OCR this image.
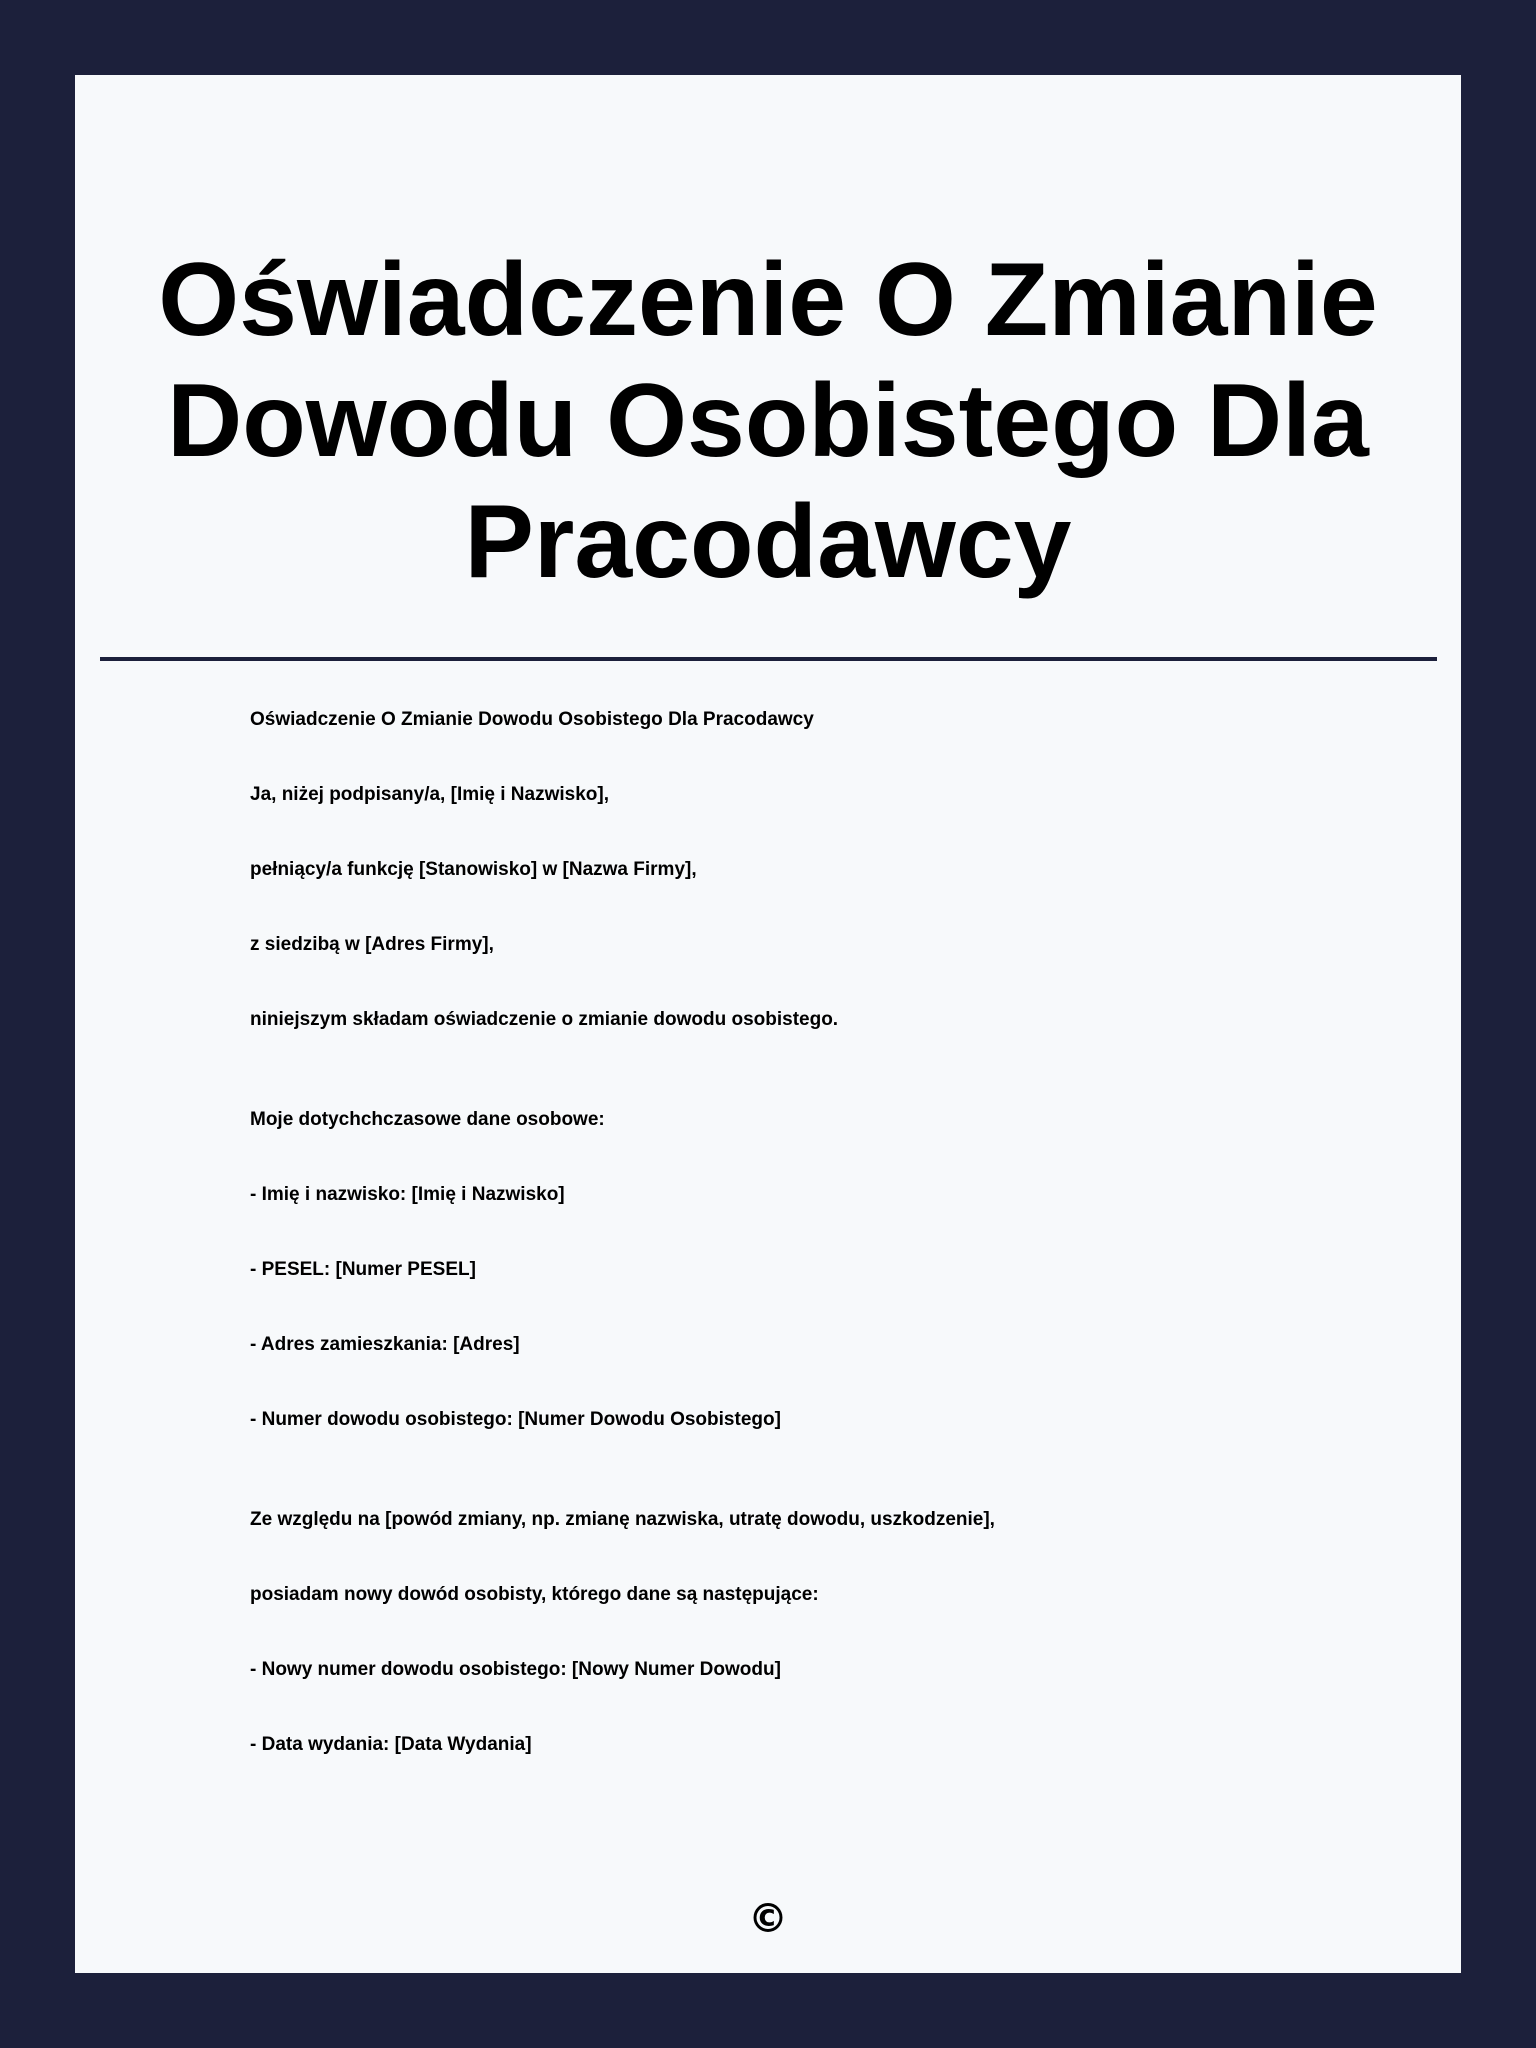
Oświadczenie O Zmianie Dowodu Osobistego Dla Pracodawcy
Oświadczenie O Zmianie Dowodu Osobistego Dla Pracodawcy
Ja, niżej podpisany/a, [Imię i Nazwisko],
pełniący/a funkcję [Stanowisko] w [Nazwa Firmy],
z siedzibą w [Adres Firmy],
niniejszym składam oświadczenie o zmianie dowodu osobistego.
Moje dotychchczasowe dane osobowe:
- Imię i nazwisko: [Imię i Nazwisko]
- PESEL: [Numer PESEL]
- Adres zamieszkania: [Adres]
- Numer dowodu osobistego: [Numer Dowodu Osobistego]
Ze względu na [powód zmiany, np. zmianę nazwiska, utratę dowodu, uszkodzenie],
posiadam nowy dowód osobisty, którego dane są następujące:
- Nowy numer dowodu osobistego: [Nowy Numer Dowodu]
- Data wydania: [Data Wydania]
©
